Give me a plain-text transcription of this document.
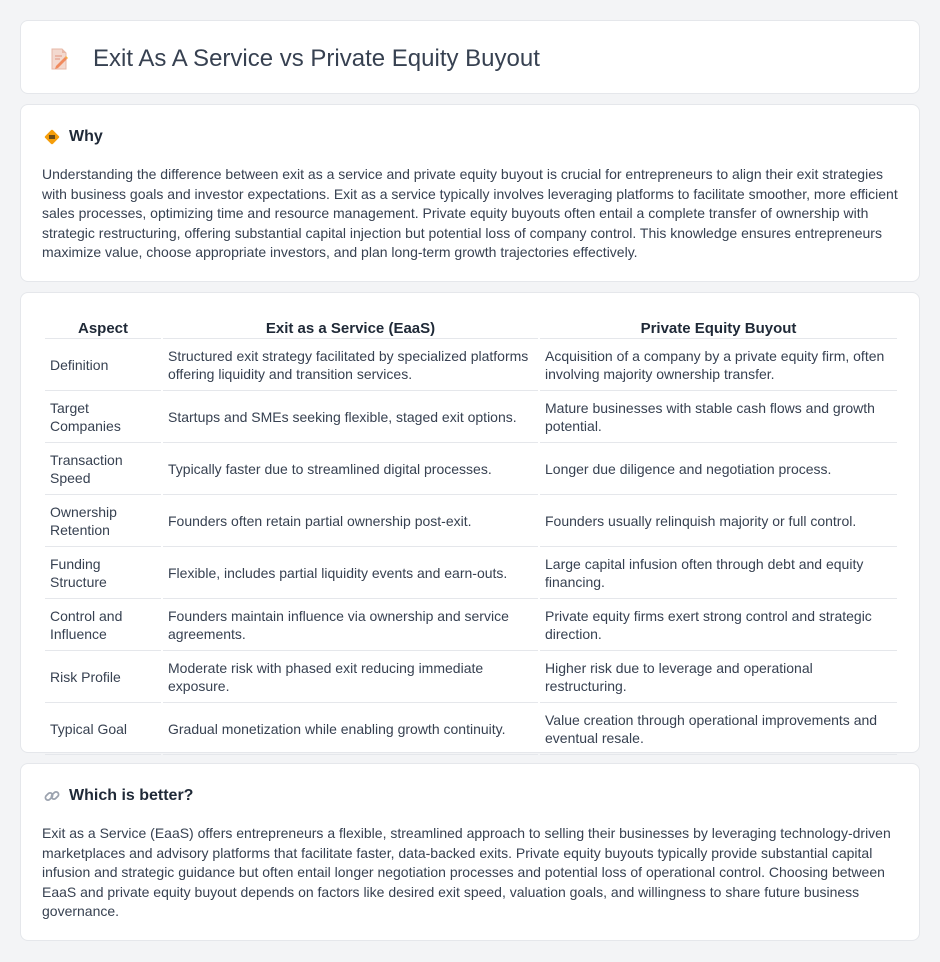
Exit As A Service vs Private Equity Buyout
Why

Understanding the difference between exit as a service and private equity buyout is crucial for entrepreneurs to align their exit strategies with business goals and investor expectations. Exit as a service typically involves leveraging platforms to facilitate smoother, more efficient sales processes, optimizing time and resource management. Private equity buyouts often entail a complete transfer of ownership with strategic restructuring, offering substantial capital injection but potential loss of company control. This knowledge ensures entrepreneurs maximize value, choose appropriate investors, and plan long-term growth trajectories effectively.

Aspect	Exit as a Service (EaaS)	Private Equity Buyout
Definition	Structured exit strategy facilitated by specialized platforms offering liquidity and transition services.	Acquisition of a company by a private equity firm, often involving majority ownership transfer.
Target Companies	Startups and SMEs seeking flexible, staged exit options.	Mature businesses with stable cash flows and growth potential.
Transaction Speed	Typically faster due to streamlined digital processes.	Longer due diligence and negotiation process.
Ownership Retention	Founders often retain partial ownership post-exit.	Founders usually relinquish majority or full control.
Funding Structure	Flexible, includes partial liquidity events and earn-outs.	Large capital infusion often through debt and equity financing.
Control and Influence	Founders maintain influence via ownership and service agreements.	Private equity firms exert strong control and strategic direction.
Risk Profile	Moderate risk with phased exit reducing immediate exposure.	Higher risk due to leverage and operational restructuring.
Typical Goal	Gradual monetization while enabling growth continuity.	Value creation through operational improvements and eventual resale.
Which is better?

Exit as a Service (EaaS) offers entrepreneurs a flexible, streamlined approach to selling their businesses by leveraging technology-driven marketplaces and advisory platforms that facilitate faster, data-backed exits. Private equity buyouts typically provide substantial capital infusion and strategic guidance but often entail longer negotiation processes and potential loss of operational control. Choosing between EaaS and private equity buyout depends on factors like desired exit speed, valuation goals, and willingness to share future business governance.
